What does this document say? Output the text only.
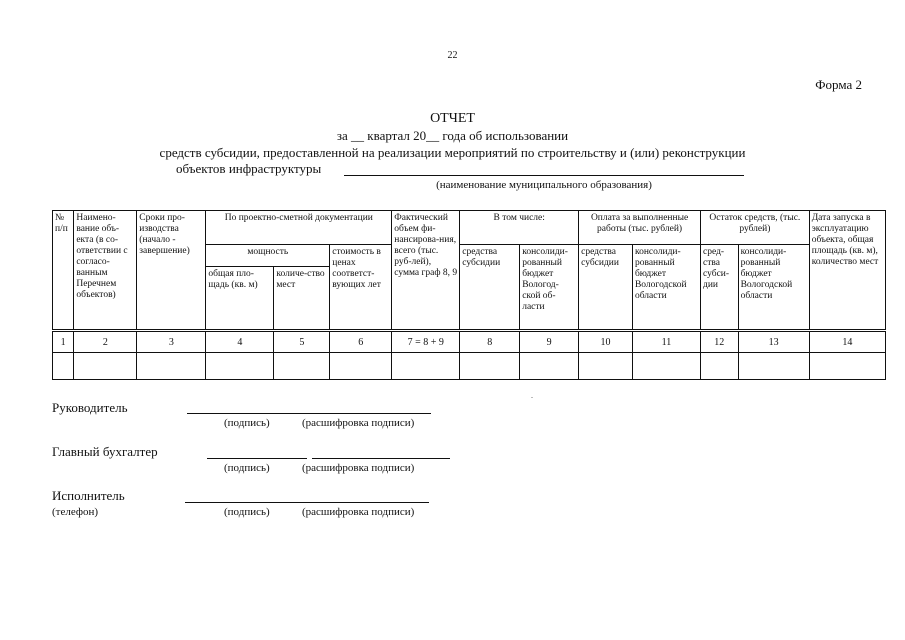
22
Форма 2
ОТЧЕТ
за __ квартал 20__ года об использовании
средств субсидии, предоставленной на реализации мероприятий по строительству и (или) реконструкции
объектов инфраструктуры
(наименование муниципального образования)
№ п/п	Наимено-вание объ-екта (в со-ответствии с согласо-ванным Перечнем объектов)	Сроки про-изводства (начало - завершение)	По проектно-сметной документации			Фактический объем фи-нансирова-ния, всего (тыс. руб-лей), сумма граф 8, 9	В том числе:		Оплата за выполненные работы (тыс. рублей)		Остаток средств, (тыс. рублей)		Дата запуска в эксплуатацию объекта, общая площадь (кв. м), количество мест
			мощность		стоимость в ценах соответст-вующих лет		средства субсидии	консолиди-рованный бюджет Вологод-ской об-ласти	средства субсидии	консолиди-рованный бюджет Вологодской области	сред-ства субси-дии	консолиди-рованный бюджет Вологодской области	
			общая пло-щадь (кв. м)	количе-ство мест									
1	2	3	4	5	6	7 = 8 + 9	8	9	10	11	12	13	14

Руководитель
(подпись)	(расшифровка подписи)
Главный бухгалтер
(подпись)	(расшифровка подписи)
Исполнитель
(телефон)	(подпись)	(расшифровка подписи)
